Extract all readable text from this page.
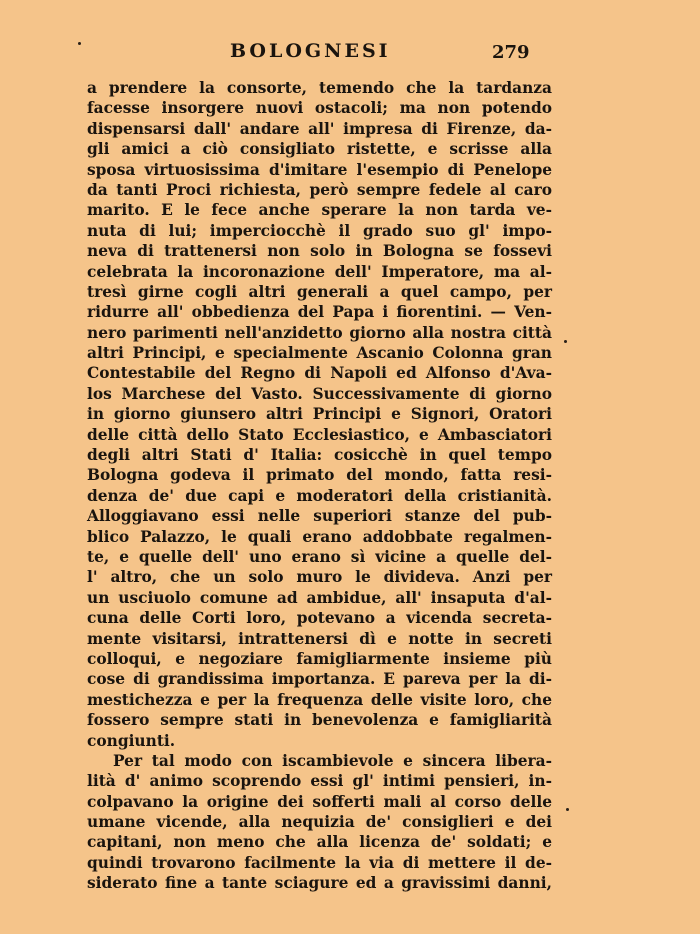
BOLOGNESI	279
a prendere la consorte, temendo che la tardanza
facesse insorgere nuovi ostacoli; ma non potendo
dispensarsi dall' andare all' impresa di Firenze, da-
gli amici a ciò consigliato ristette, e scrisse alla
sposa virtuosissima d'imitare l'esempio di Penelope
da tanti Proci richiesta, però sempre fedele al caro
marito. E le fece anche sperare la non tarda ve-
nuta di lui; imperciocchè il grado suo gl' impo-
neva di trattenersi non solo in Bologna se fossevi
celebrata la incoronazione dell' Imperatore, ma al-
tresì girne cogli altri generali a quel campo, per
ridurre all' obbedienza del Papa i fiorentini. — Ven-
nero parimenti nell'anzidetto giorno alla nostra città
altri Principi, e specialmente Ascanio Colonna gran
Contestabile del Regno di Napoli ed Alfonso d'Ava-
los Marchese del Vasto. Successivamente di giorno
in giorno giunsero altri Principi e Signori, Oratori
delle città dello Stato Ecclesiastico, e Ambasciatori
degli altri Stati d' Italia: cosicchè in quel tempo
Bologna godeva il primato del mondo, fatta resi-
denza de' due capi e moderatori della cristianità.
Alloggiavano essi nelle superiori stanze del pub-
blico Palazzo, le quali erano addobbate regalmen-
te, e quelle dell' uno erano sì vicine a quelle del-
l' altro, che un solo muro le divideva. Anzi per
un usciuolo comune ad ambidue, all' insaputa d'al-
cuna delle Corti loro, potevano a vicenda secreta-
mente visitarsi, intrattenersi dì e notte in secreti
colloqui, e negoziare famigliarmente insieme più
cose di grandissima importanza. E pareva per la di-
mestichezza e per la frequenza delle visite loro, che
fossero sempre stati in benevolenza e famigliarità
congiunti.
Per tal modo con iscambievole e sincera libera-
lità d' animo scoprendo essi gl' intimi pensieri, in-
colpavano la origine dei sofferti mali al corso delle
umane vicende, alla nequizia de' consiglieri e dei
capitani, non meno che alla licenza de' soldati; e
quindi trovarono facilmente la via di mettere il de-
siderato fine a tante sciagure ed a gravissimi danni,
